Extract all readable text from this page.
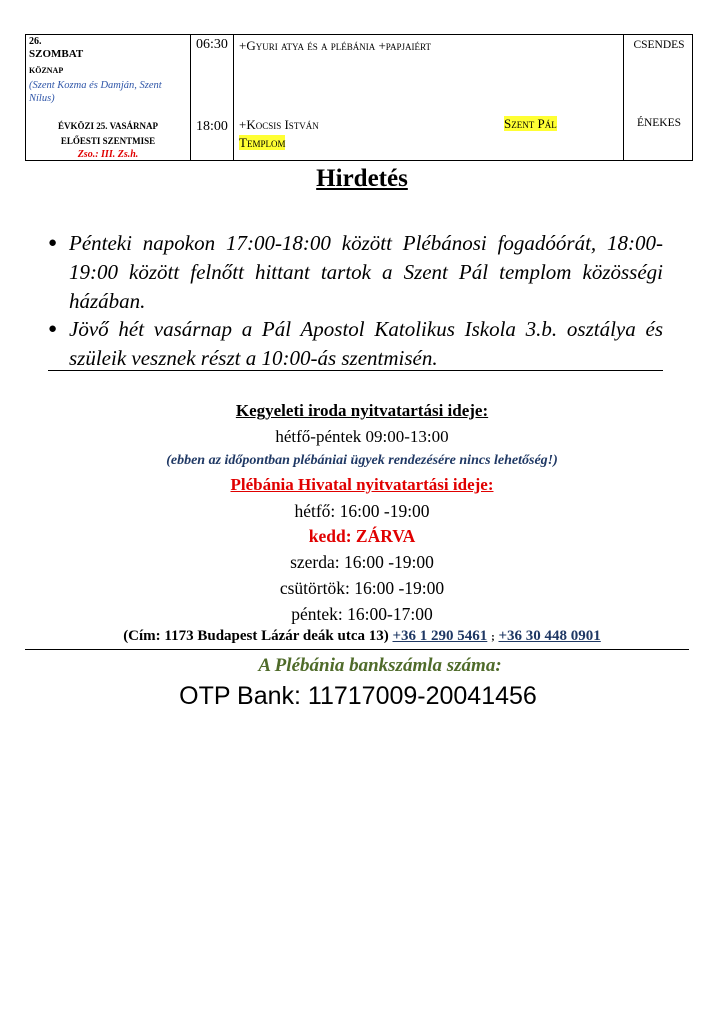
26.
SZOMBAT
KÖZNAP
(Szent Kozma és Damján, Szent Nílus)
ÉVKÖZI 25. VASÁRNAP
ELŐESTI SZENTMISE
Zso.: III. Zs.h.
06:30 +Gyuri atya és a plébánia +papjaiért	CSENDES
18:00 +Kocsis István	Szent Pál
Templom
ÉNEKES
Hirdetés
● Pénteki napokon 17:00-18:00 között Plébánosi fogadóórát, 18:00-19:00 között felnőtt hittant tartok a Szent Pál templom közösségi házában.
● Jövő hét vasárnap a Pál Apostol Katolikus Iskola 3.b. osztálya és szüleik vesznek részt a 10:00-ás szentmisén.
Kegyeleti iroda nyitvatartási ideje:
hétfő-péntek 09:00-13:00
(ebben az időpontban plébániai ügyek rendezésére nincs lehetőség!)
Plébánia Hivatal nyitvatartási ideje:
hétfő: 16:00 -19:00
kedd: ZÁRVA
szerda: 16:00 -19:00
csütörtök: 16:00 -19:00
péntek: 16:00-17:00
(Cím: 1173 Budapest Lázár deák utca 13) +36 1 290 5461 ; +36 30 448 0901
A Plébánia bankszámla száma:
OTP Bank: 11717009-20041456
